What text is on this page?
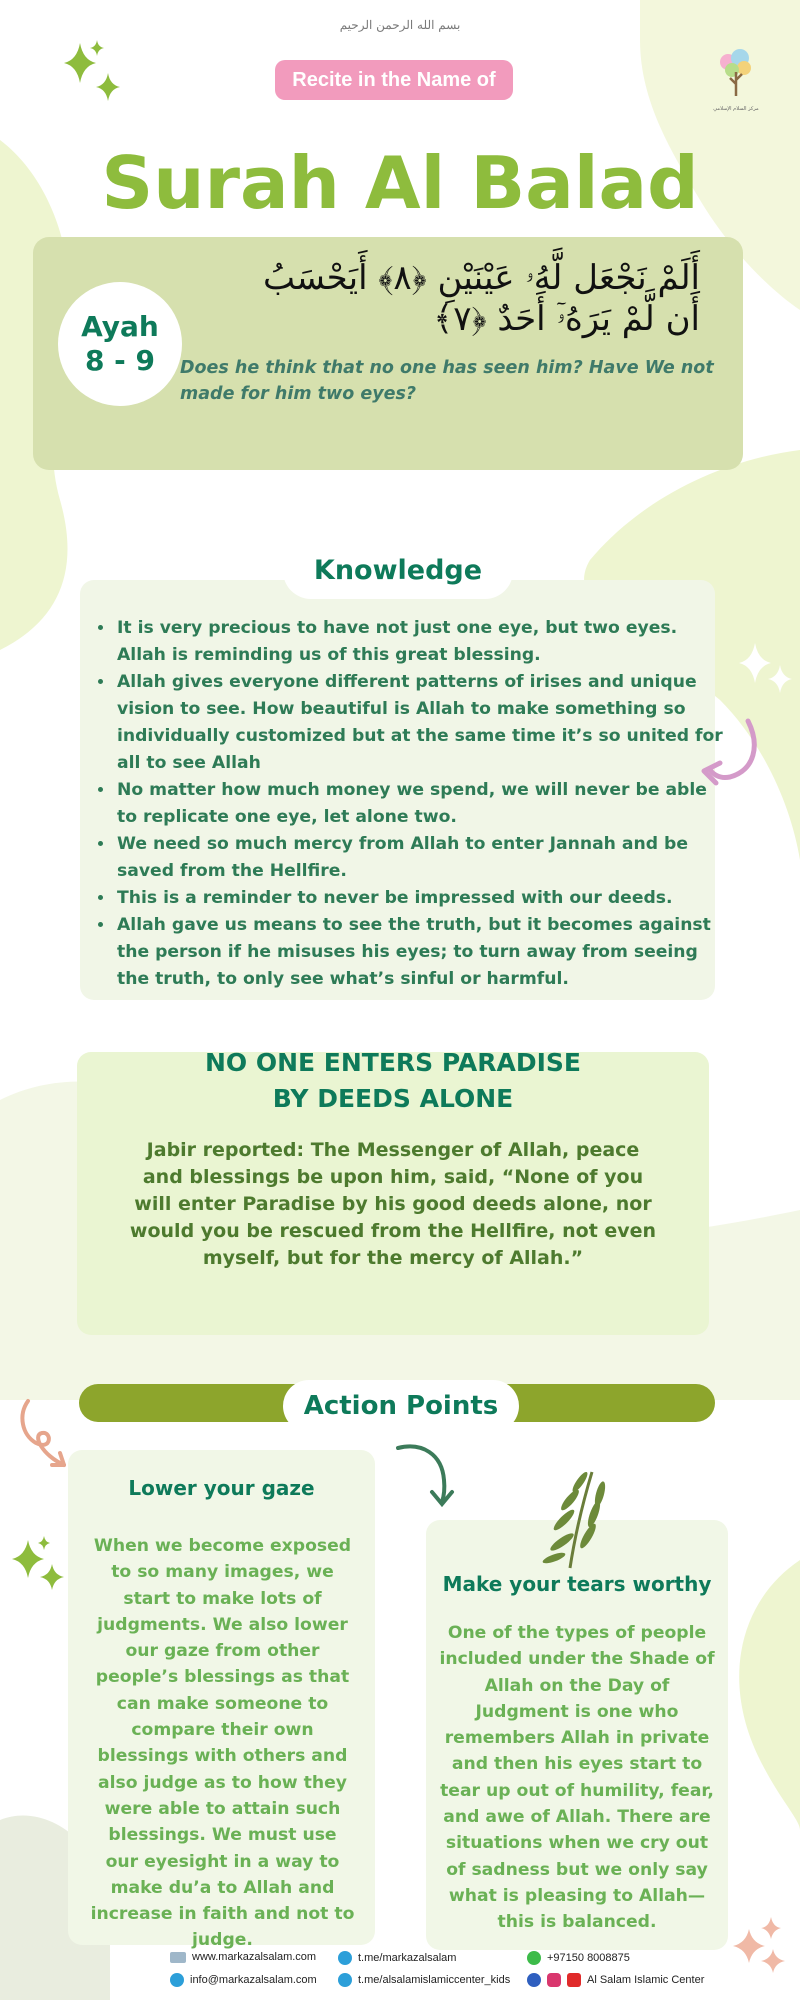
بسم الله الرحمن الرحيم
Recite in the Name of your Lord	مركز السلام الإسلامي
Surah Al Balad
Ayah
8 - 9
أَلَمْ نَجْعَل لَّهُۥ عَيْنَيْنِ ﴿٨﴾ أَيَحْسَبُ أَن لَّمْ يَرَهُۥٓ أَحَدٌ ﴿٧﴾
Does he think that no one has seen him? Have We not made for him two eyes?
Knowledge
• It is very precious to have not just one eye, but two eyes. Allah is reminding us of this great blessing.
• Allah gives everyone different patterns of irises and unique vision to see. How beautiful is Allah to make something so individually customized but at the same time it’s so united for all to see Allah
• No matter how much money we spend, we will never be able to replicate one eye, let alone two.
• We need so much mercy from Allah to enter Jannah and be saved from the Hellfire.
• This is a reminder to never be impressed with our deeds.
• Allah gave us means to see the truth, but it becomes against the person if he misuses his eyes; to turn away from seeing the truth, to only see what’s sinful or harmful.
NO ONE ENTERS PARADISE
BY DEEDS ALONE
Jabir reported: The Messenger of Allah, peace and blessings be upon him, said, “None of you will enter Paradise by his good deeds alone, nor would you be rescued from the Hellfire, not even myself, but for the mercy of Allah.”
Action Points
Lower your gaze
When we become exposed to so many images, we start to make lots of judgments. We also lower our gaze from other people’s blessings as that can make someone to compare their own blessings with others and also judge as to how they were able to attain such blessings. We must use our eyesight in a way to make du’a to Allah and increase in faith and not to judge.
Make your tears worthy
One of the types of people included under the Shade of Allah on the Day of Judgment is one who remembers Allah in private and then his eyes start to tear up out of humility, fear, and awe of Allah. There are situations when we cry out of sadness but we only say what is pleasing to Allah—this is balanced.
www.markazalsalam.com
info@markazalsalam.com
t.me/markazalsalam
t.me/alsalamislamiccenter_kids
+97150 8008875
Al Salam Islamic Center
